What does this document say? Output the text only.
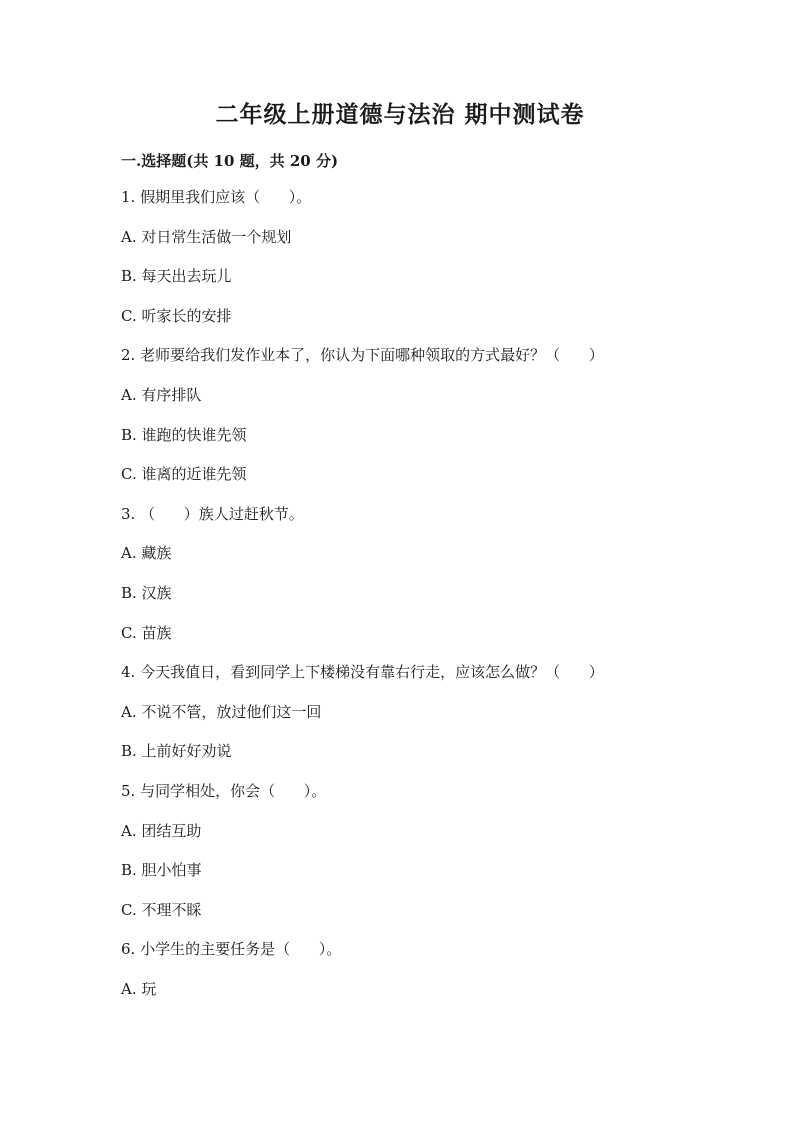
二年级上册道德与法治 期中测试卷
一.选择题(共 10 题，共 20 分)
1. 假期里我们应该（      ）。
A. 对日常生活做一个规划
B. 每天出去玩儿
C. 听家长的安排
2. 老师要给我们发作业本了，你认为下面哪种领取的方式最好？（      ）
A. 有序排队
B. 谁跑的快谁先领
C. 谁离的近谁先领
3. （      ）族人过赶秋节。
A. 藏族
B. 汉族
C. 苗族
4. 今天我值日，看到同学上下楼梯没有靠右行走，应该怎么做？（      ）
A. 不说不管，放过他们这一回
B. 上前好好劝说
5. 与同学相处，你会（      ）。
A. 团结互助
B. 胆小怕事
C. 不理不睬
6. 小学生的主要任务是（      ）。
A. 玩
